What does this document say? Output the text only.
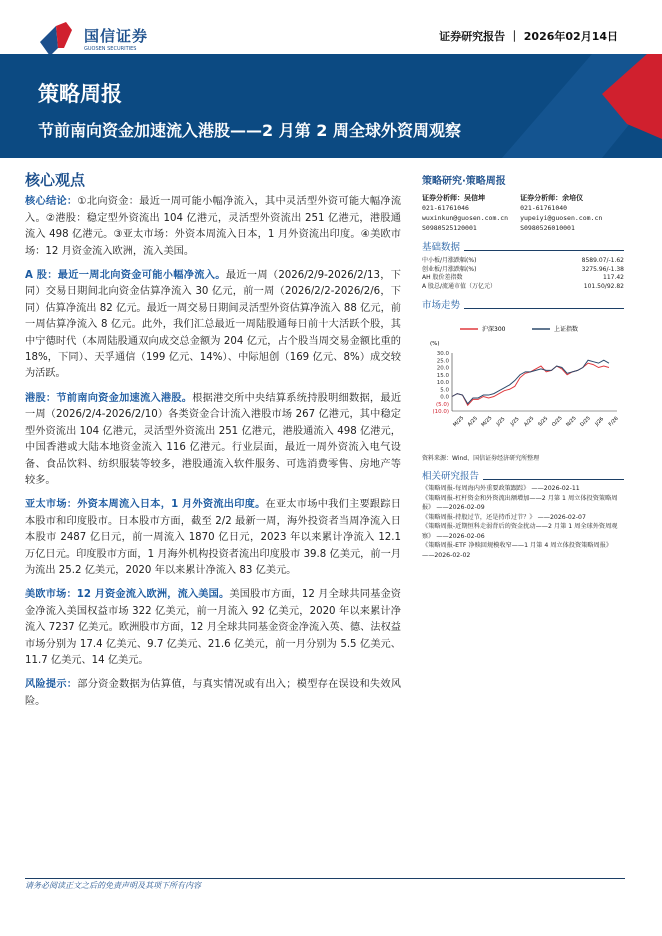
国信证券
GUOSEN SECURITIES
证券研究报告 ｜ 2026年02月14日
策略周报
节前南向资金加速流入港股——2 月第 2 周全球外资周观察
核心观点
核心结论：①北向资金：最近一周可能小幅净流入，其中灵活型外资可能大幅净流入。②港股：稳定型外资流出 104 亿港元，灵活型外资流出 251 亿港元，港股通流入 498 亿港元。③亚太市场：外资本周流入日本，1 月外资流出印度。④美欧市场：12 月资金流入欧洲，流入美国。
A 股：最近一周北向资金可能小幅净流入。最近一周（2026/2/9-2026/2/13，下同）交易日期间北向资金估算净流入 30 亿元，前一周（2026/2/2-2026/2/6，下同）估算净流出 82 亿元。最近一周交易日期间灵活型外资估算净流入 88 亿元，前一周估算净流入 8 亿元。此外，我们汇总最近一周陆股通每日前十大活跃个股，其中宁德时代（本周陆股通双向成交总金额为 204 亿元，占个股当周交易金额比重的 18%，下同）、天孚通信（199 亿元、14%）、中际旭创（169 亿元、8%）成交较为活跃。
港股：节前南向资金加速流入港股。根据港交所中央结算系统持股明细数据，最近一周（2026/2/4-2026/2/10）各类资金合计流入港股市场 267 亿港元，其中稳定型外资流出 104 亿港元，灵活型外资流出 251 亿港元，港股通流入 498 亿港元，中国香港或大陆本地资金流入 116 亿港元。行业层面，最近一周外资流入电气设备、食品饮料、纺织服装等较多，港股通流入软件服务、可选消费零售、房地产等较多。
亚太市场：外资本周流入日本，1 月外资流出印度。在亚太市场中我们主要跟踪日本股市和印度股市。日本股市方面，截至 2/2 最新一周，海外投资者当周净流入日本股市 2487 亿日元，前一周流入 1870 亿日元，2023 年以来累计净流入 12.1 万亿日元。印度股市方面，1 月海外机构投资者流出印度股市 39.8 亿美元，前一月为流出 25.2 亿美元，2020 年以来累计净流入 83 亿美元。
美欧市场：12 月资金流入欧洲，流入美国。美国股市方面，12 月全球共同基金资金净流入美国权益市场 322 亿美元，前一月流入 92 亿美元，2020 年以来累计净流入 7237 亿美元。欧洲股市方面，12 月全球共同基金资金净流入英、德、法权益市场分别为 17.4 亿美元、9.7 亿美元、21.6 亿美元，前一月分别为 5.5 亿美元、11.7 亿美元、14 亿美元。
风险提示：部分资金数据为估算值，与真实情况或有出入；模型存在误设和失效风险。
策略研究·策略周报
证券分析师：吴信坤
021-61761046
wuxinkun@guosen.com.cn
S0980525120001
证券分析师：余培仪
021-61761040
yupeiyi@guosen.com.cn
S0980526010001
基础数据
中小板/月涨跌幅(%)	8589.07/-1.62
创业板/月涨跌幅(%)	3275.96/-1.38
AH 股价差指数	117.42
A 股总/流通市值（万亿元）	101.50/92.82
市场走势
沪深300	上证指数
(%)
30.0
25.0
20.0
15.0
10.0
5.0
0.0
(5.0)
(10.0)
M/25 A/25 M/25 J/25 J/25 A/25 S/25 O/25 N/25 D/25 J/26 F/26
资料来源：Wind、国信证券经济研究所整理
相关研究报告
《策略周报-每周海内外重要政策跟踪》 ——2026-02-11
《策略周报-杠杆资金和外资流出额增加——2 月第 1 周立体投资策略周报》 ——2026-02-09
《策略周报-持股过节，还是持币过节？》 ——2026-02-07
《策略周报-近期恒科走弱背后的资金扰动——2 月第 1 周全球外资周观察》 ——2026-02-06
《策略周报-ETF 净赎回规模收窄——1 月第 4 周立体投资策略周报》 ——2026-02-02
请务必阅读正文之后的免责声明及其项下所有内容
